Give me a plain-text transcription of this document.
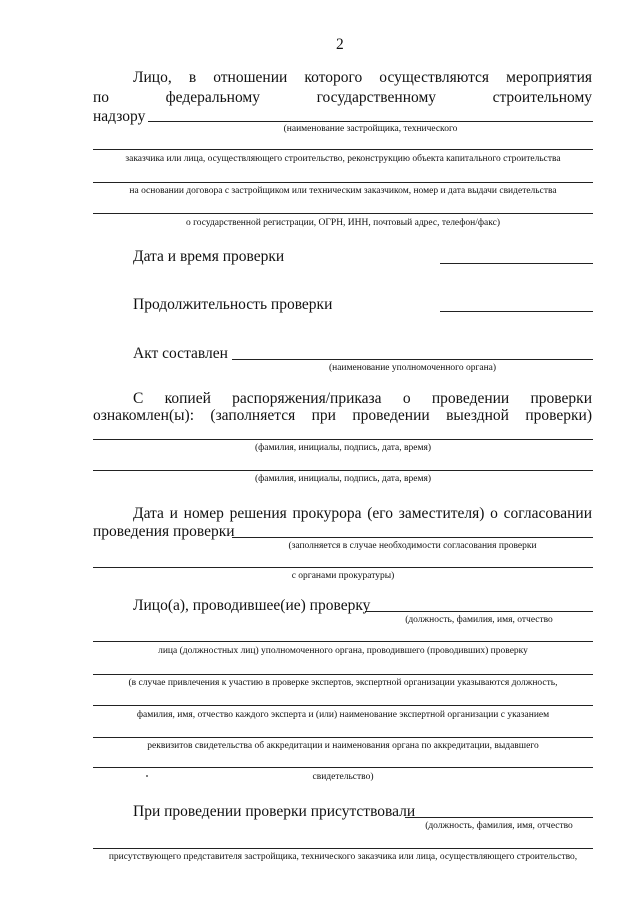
2
Лицо, в отношении которого осуществляются мероприятия
по федеральному государственному строительному
надзору
(наименование застройщика, технического
заказчика или лица, осуществляющего строительство, реконструкцию объекта капитального строительства
на основании договора с застройщиком или техническим заказчиком, номер и дата выдачи свидетельства
о государственной регистрации, ОГРН, ИНН, почтовый адрес, телефон/факс)
Дата и время проверки
Продолжительность проверки
Акт составлен
(наименование уполномоченного органа)
С копией распоряжения/приказа о проведении проверки
ознакомлен(ы): (заполняется при проведении выездной проверки)
(фамилия, инициалы, подпись, дата, время)
(фамилия, инициалы, подпись, дата, время)
Дата и номер решения прокурора (его заместителя) о согласовании
проведения проверки
(заполняется в случае необходимости согласования проверки
с органами прокуратуры)
Лицо(а), проводившее(ие) проверку
(должность, фамилия, имя, отчество
лица (должностных лиц) уполномоченного органа, проводившего (проводивших) проверку
(в случае привлечения к участию в проверке экспертов, экспертной организации указываются должность,
фамилия, имя, отчество каждого эксперта и (или) наименование экспертной организации с указанием
реквизитов свидетельства об аккредитации и наименования органа по аккредитации, выдавшего
свидетельство)
При проведении проверки присутствовали
(должность, фамилия, имя, отчество
присутствующего представителя застройщика, технического заказчика или лица, осуществляющего строительство,
